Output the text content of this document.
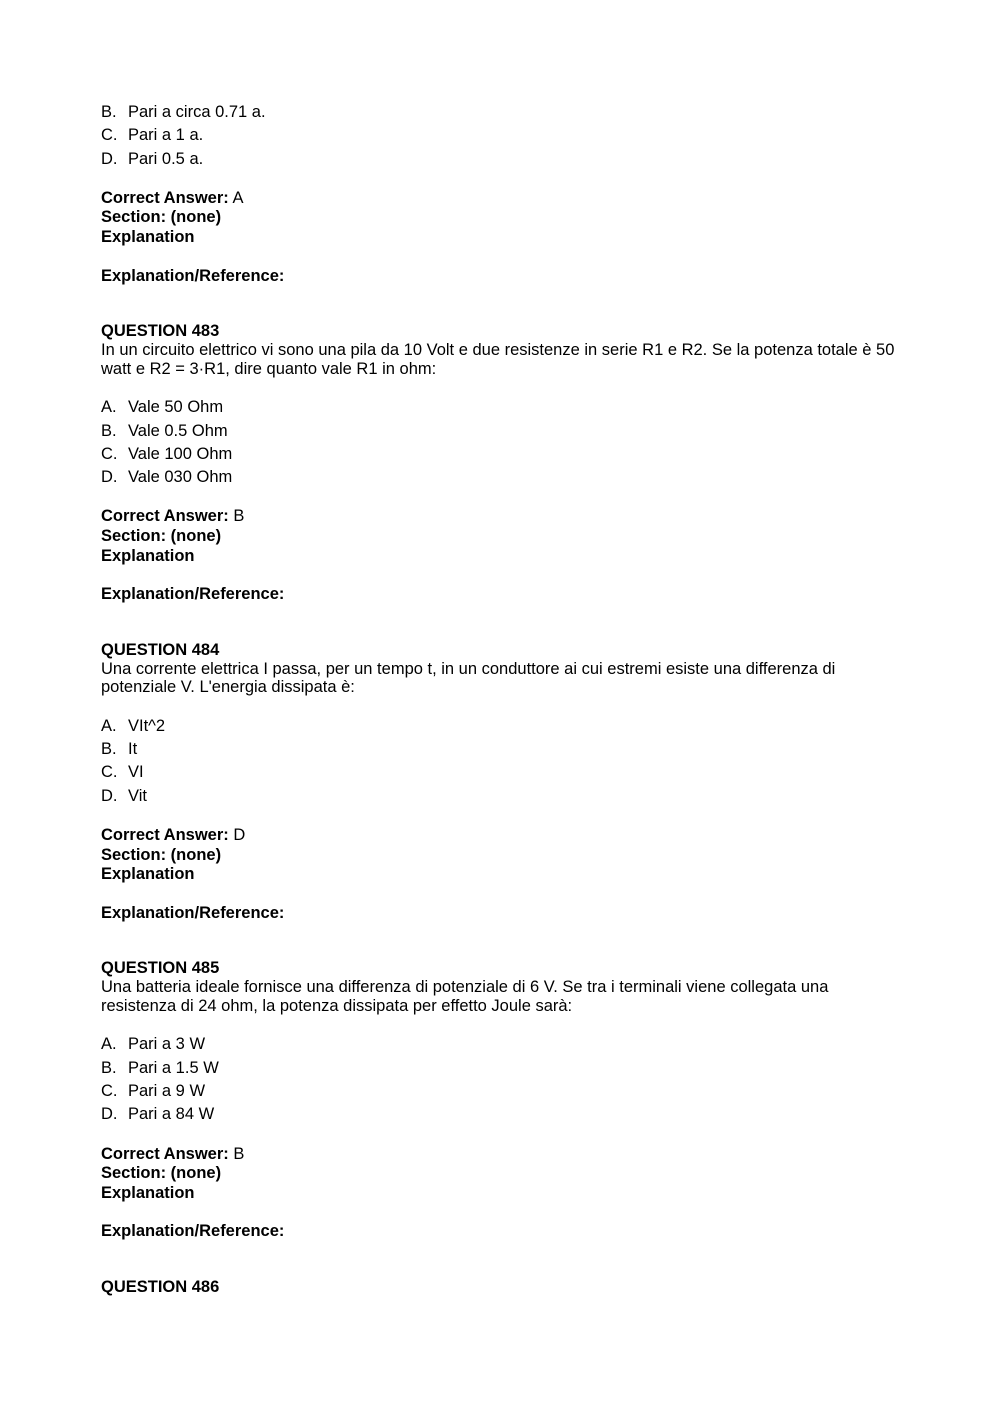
B. Pari a circa 0.71 a.
C. Pari a 1 a.
D. Pari 0.5 a.
Correct Answer: A
Section: (none)
Explanation
Explanation/Reference:
QUESTION 483
In un circuito elettrico vi sono una pila da 10 Volt e due resistenze in serie R1 e R2. Se la potenza totale è 50 watt e R2 = 3·R1, dire quanto vale R1 in ohm:
A. Vale 50 Ohm
B. Vale 0.5 Ohm
C. Vale 100 Ohm
D. Vale 030 Ohm
Correct Answer: B
Section: (none)
Explanation
Explanation/Reference:
QUESTION 484
Una corrente elettrica I passa, per un tempo t, in un conduttore ai cui estremi esiste una differenza di potenziale V. L'energia dissipata è:
A. VIt^2
B. It
C. VI
D. Vit
Correct Answer: D
Section: (none)
Explanation
Explanation/Reference:
QUESTION 485
Una batteria ideale fornisce una differenza di potenziale di 6 V. Se tra i terminali viene collegata una resistenza di 24 ohm, la potenza dissipata per effetto Joule sarà:
A. Pari a 3 W
B. Pari a 1.5 W
C. Pari a 9 W
D. Pari a 84 W
Correct Answer: B
Section: (none)
Explanation
Explanation/Reference:
QUESTION 486
